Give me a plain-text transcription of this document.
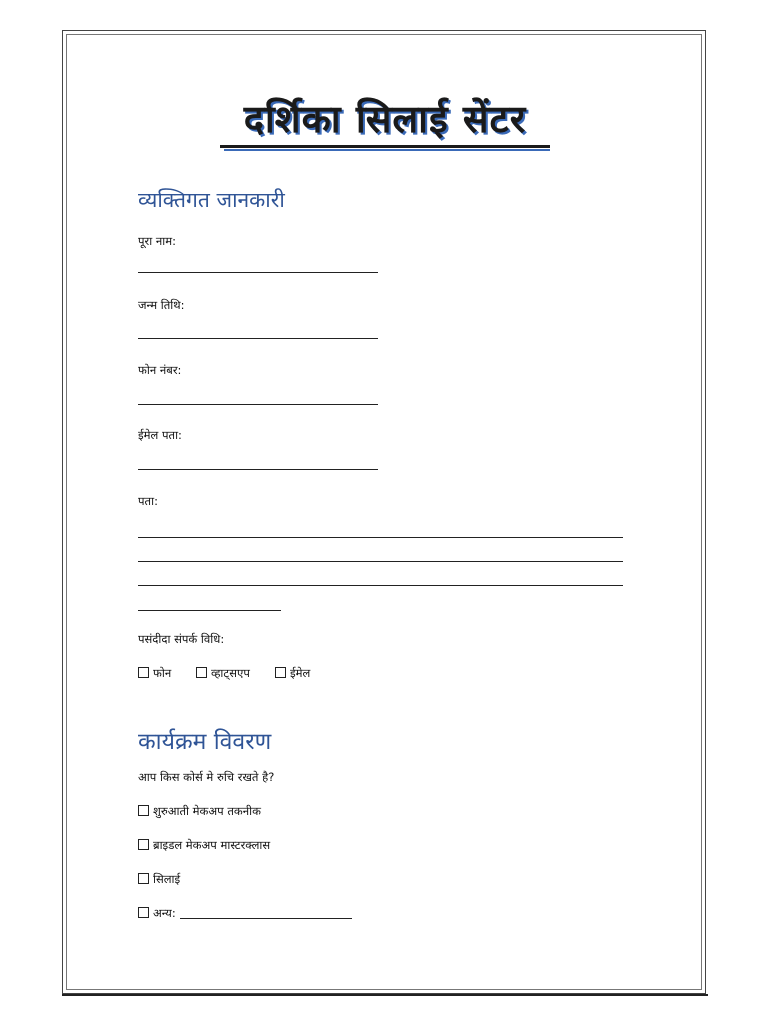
दर्शिका सिलाई सेंटर
व्यक्तिगत जानकारी
पूरा नाम:
जन्म तिथि:
फोन नंबर:
ईमेल पता:
पता:
पसंदीदा संपर्क विधि:
फोन	व्हाट्सएप	ईमेल
कार्यक्रम विवरण
आप किस कोर्स मे रुचि रखते है?
शुरुआती मेकअप तकनीक
ब्राइडल मेकअप मास्टरक्लास
सिलाई
अन्य:
